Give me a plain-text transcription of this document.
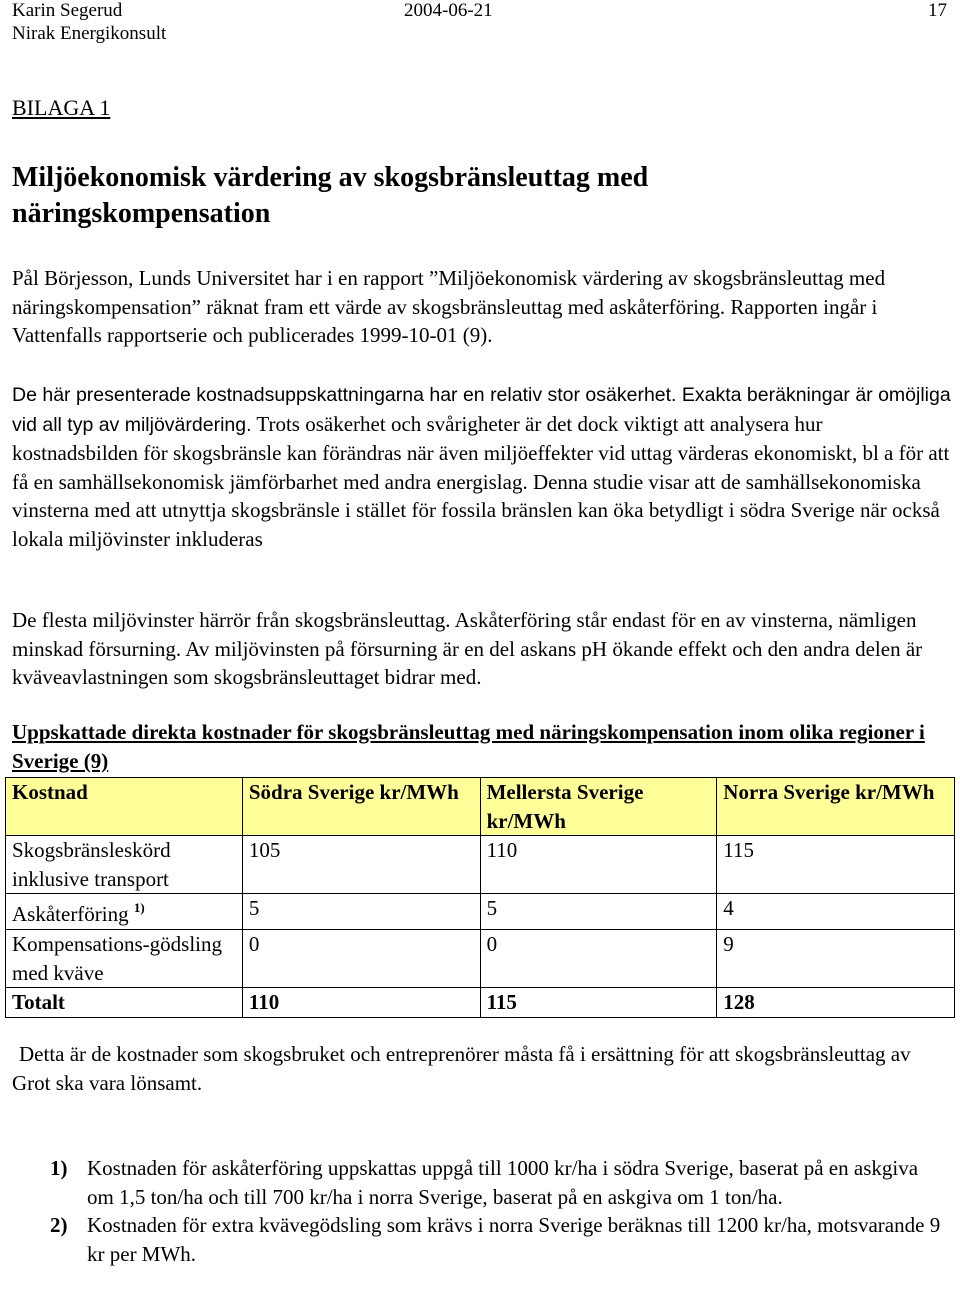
Karin Segerud
Nirak Energikonsult
2004-06-21	17
BILAGA 1
Miljöekonomisk värdering av skogsbränsleuttag med näringskompensation

Pål Börjesson, Lunds Universitet har i en rapport ”Miljöekonomisk värdering av skogsbränsleuttag med näringskompensation” räknat fram ett värde av skogsbränsleuttag med askåterföring. Rapporten ingår i Vattenfalls rapportserie och publicerades 1999-10-01 (9).

De här presenterade kostnadsuppskattningarna har en relativ stor osäkerhet. Exakta beräkningar är omöjliga vid all typ av miljövärdering. Trots osäkerhet och svårigheter är det dock viktigt att analysera hur kostnadsbilden för skogsbränsle kan förändras när även miljöeffekter vid uttag värderas ekonomiskt, bl a för att få en samhällsekonomisk jämförbarhet med andra energislag. Denna studie visar att de samhällsekonomiska vinsterna med att utnyttja skogsbränsle i stället för fossila bränslen kan öka betydligt i södra Sverige när också lokala miljövinster inkluderas

De flesta miljövinster härrör från skogsbränsleuttag. Askåterföring står endast för en av vinsterna, nämligen minskad försurning. Av miljövinsten på försurning är en del askans pH ökande effekt och den andra delen är kväveavlastningen som skogsbränsleuttaget bidrar med.

Uppskattade direkta kostnader för skogsbränsleuttag med näringskompensation inom olika regioner i Sverige (9)
Kostnad	Södra Sverige kr/MWh	Mellersta Sverige kr/MWh	Norra Sverige kr/MWh
Skogsbränsleskörd inklusive transport	105	110	115
Askåterföring $^{1)}$	5	5	4
Kompensations-gödsling med kväve	0	0	9
Totalt	110	115	128

Detta är de kostnader som skogsbruket och entreprenörer måsta få i ersättning för att skogsbränsleuttag av Grot ska vara lönsamt.

1) Kostnaden för askåterföring uppskattas uppgå till 1000 kr/ha i södra Sverige, baserat på en askgiva om 1,5 ton/ha och till 700 kr/ha i norra Sverige, baserat på en askgiva om 1 ton/ha.
2) Kostnaden för extra kvävegödsling som krävs i norra Sverige beräknas till 1200 kr/ha, motsvarande 9 kr per MWh.
